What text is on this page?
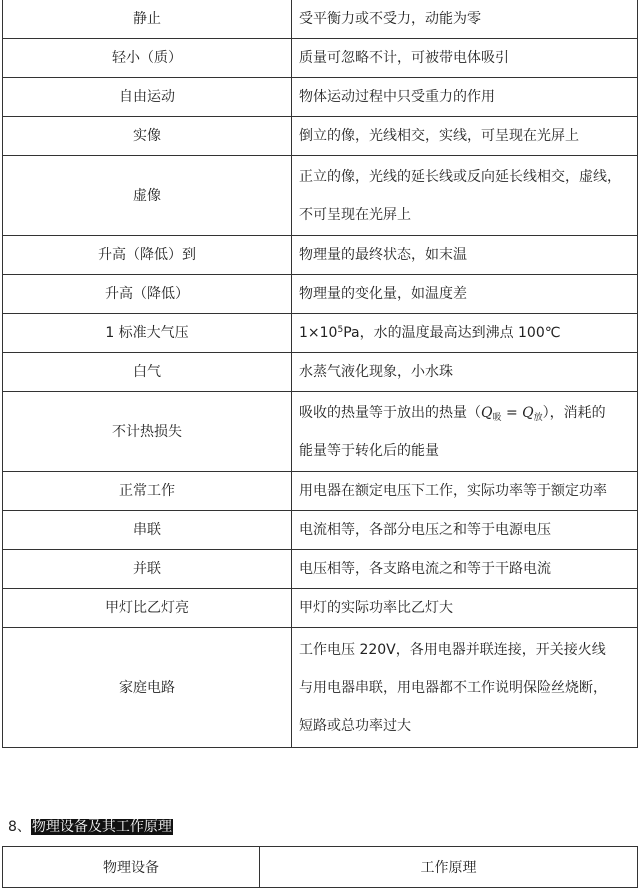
静止	受平衡力或不受力，动能为零
轻小（质）	质量可忽略不计，可被带电体吸引
自由运动	物体运动过程中只受重力的作用
实像	倒立的像，光线相交，实线，可呈现在光屏上
虚像	正立的像，光线的延长线或反向延长线相交，虚线，
不可呈现在光屏上

升高（降低）到	物理量的最终状态，如末温
升高（降低）	物理量的变化量，如温度差
1 标准大气压	$1\times 10^5Pa$，水的温度最高达到沸点 100℃
白气	水蒸气液化现象，小水珠
不计热损失	吸收的热量等于放出的热量$(Q_吸 = Q_放)$，消耗的
能量等于转化后的能量

正常工作	用电器在额定电压下工作，实际功率等于额定功率
串联	电流相等，各部分电压之和等于电源电压
并联	电压相等，各支路电流之和等于干路电流
甲灯比乙灯亮	甲灯的实际功率比乙灯大
家庭电路	工作电压 220V，各用电器并联连接，开关接火线
与用电器串联，用电器都不工作说明保险丝烧断，
短路或总功率过大
8、物理设备及其工作原理
物理设备	工作原理
